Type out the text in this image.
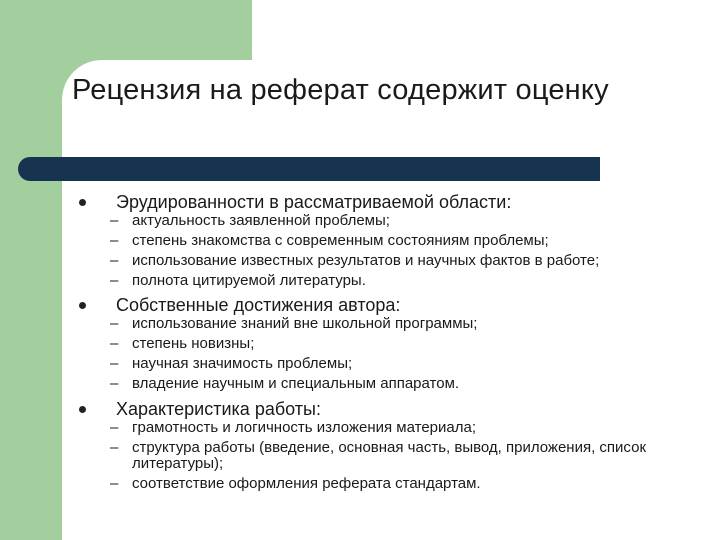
Рецензия на реферат содержит оценку
Эрудированности в рассматриваемой области:
– актуальность заявленной проблемы;
– степень знакомства с современным состояниям проблемы;
– использование известных результатов и научных фактов в работе;
– полнота цитируемой литературы.
Собственные достижения автора:
– использование знаний вне школьной программы;
– степень новизны;
– научная значимость проблемы;
– владение научным и специальным аппаратом.
Характеристика работы:
– грамотность и логичность изложения материала;
– структура работы (введение, основная часть, вывод, приложения, список литературы);
– соответствие оформления реферата стандартам.
